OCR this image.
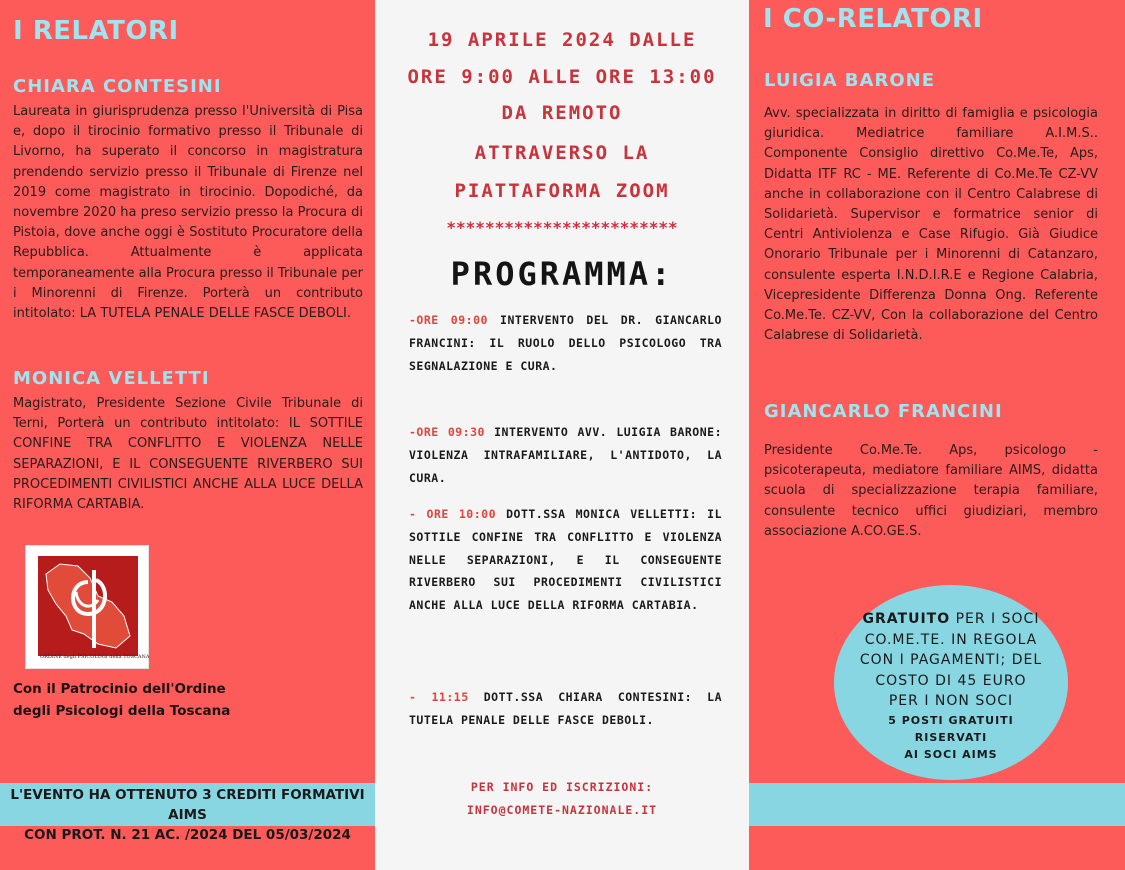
I RELATORI
CHIARA CONTESINI
Laureata in giurisprudenza presso l'Università di Pisa e, dopo il tirocinio formativo presso il Tribunale di Livorno, ha superato il concorso in magistratura prendendo servizio presso il Tribunale di Firenze nel 2019 come magistrato in tirocinio. Dopodiché, da novembre 2020 ha preso servizio presso la Procura di Pistoia, dove anche oggi è Sostituto Procuratore della Repubblica. Attualmente è applicata temporaneamente alla Procura presso il Tribunale per i Minorenni di Firenze. Porterà un contributo intitolato: LA TUTELA PENALE DELLE FASCE DEBOLI.
MONICA VELLETTI
Magistrato, Presidente Sezione Civile Tribunale di Terni, Porterà un contributo intitolato: IL SOTTILE CONFINE TRA CONFLITTO E VIOLENZA NELLE SEPARAZIONI, E IL CONSEGUENTE RIVERBERO SUI PROCEDIMENTI CIVILISTICI ANCHE ALLA LUCE DELLA RIFORMA CARTABIA.
ORDINE degli PSICOLOGI della TOSCANA
Con il Patrocinio dell'Ordine
degli Psicologi della Toscana
L'EVENTO HA OTTENUTO 3 CREDITI FORMATIVI AIMS
CON PROT. N. 21 AC. /2024 DEL 05/03/2024
19 APRILE 2024 DALLE
ORE 9:00 ALLE ORE 13:00
DA REMOTO
ATTRAVERSO LA
PIATTAFORMA ZOOM
************************
PROGRAMMA:
-ORE 09:00 INTERVENTO DEL DR. GIANCARLO FRANCINI: IL RUOLO DELLO PSICOLOGO TRA SEGNALAZIONE E CURA.
-ORE 09:30 INTERVENTO AVV. LUIGIA BARONE: VIOLENZA INTRAFAMILIARE, L'ANTIDOTO, LA CURA.
- ORE 10:00 DOTT.SSA MONICA VELLETTI: IL SOTTILE CONFINE TRA CONFLITTO E VIOLENZA NELLE SEPARAZIONI, E IL CONSEGUENTE RIVERBERO SUI PROCEDIMENTI CIVILISTICI ANCHE ALLA LUCE DELLA RIFORMA CARTABIA.
- 11:15 DOTT.SSA CHIARA CONTESINI: LA TUTELA PENALE DELLE FASCE DEBOLI.
PER INFO ED ISCRIZIONI:
INFO@COMETE-NAZIONALE.IT
I CO-RELATORI
LUIGIA BARONE
Avv. specializzata in diritto di famiglia e psicologia giuridica. Mediatrice familiare A.I.M.S.. Componente Consiglio direttivo Co.Me.Te, Aps, Didatta ITF RC - ME. Referente di Co.Me.Te CZ-VV anche in collaborazione con il Centro Calabrese di Solidarietà. Supervisor e formatrice senior di Centri Antiviolenza e Case Rifugio. Già Giudice Onorario Tribunale per i Minorenni di Catanzaro, consulente esperta I.N.D.I.R.E e Regione Calabria, Vicepresidente Differenza Donna Ong. Referente Co.Me.Te. CZ-VV, Con la collaborazione del Centro Calabrese di Solidarietà.
GIANCARLO FRANCINI
Presidente Co.Me.Te. Aps, psicologo - psicoterapeuta, mediatore familiare AIMS, didatta scuola di specializzazione terapia familiare, consulente tecnico uffici giudiziari, membro associazione A.CO.GE.S.
GRATUITO PER I SOCI
CO.ME.TE. IN REGOLA
CON I PAGAMENTI; DEL
COSTO DI 45 EURO
PER I NON SOCI
5 POSTI GRATUITI
RISERVATI
AI SOCI AIMS
